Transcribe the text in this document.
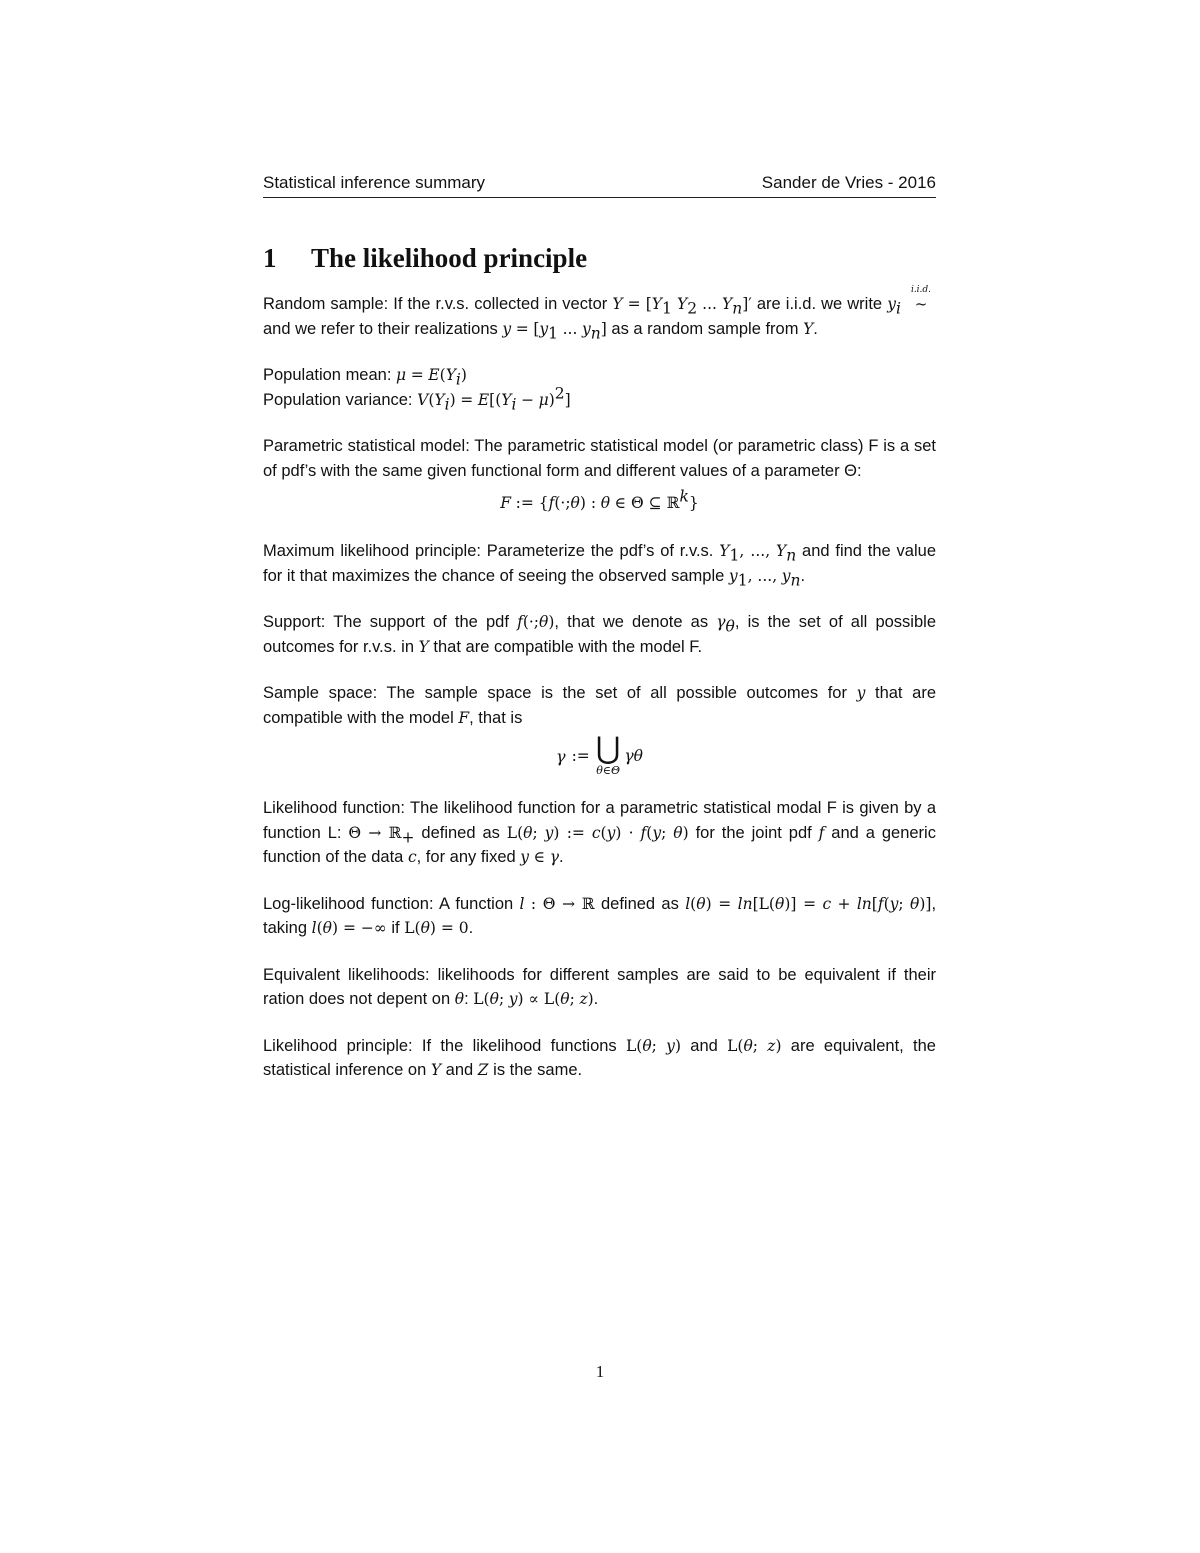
Statistical inference summary	Sander de Vries - 2016
1 The likelihood principle

Random sample: If the r.v.s. collected in vector $Y = [Y_1$ $Y_2$ ... $Y_n]'$ are i.i.d. we write $y_i$
i.i.d.
~ and we refer to their realizations $y = [y_1$ ... $y_n$] as a random sample from Y.

Population mean: $\mu = E(Y_i)$
Population variance: $V(Y_i) = E[(Y_i - \mu)^2]$

Parametric statistical model: The parametric statistical model (or parametric class) F is a set of pdf’s with the same given functional form and different values of a parameter Θ:

F := {f(·;θ) : θ ∈ Θ ⊆ ℝ$^k$}

Maximum likelihood principle: Parameterize the pdf’s of r.v.s. $Y_1$, ..., $Y_n$ and find the value for it that maximizes the chance of seeing the observed sample $y_1$, ..., $y_n$.

Support: The support of the pdf f(·;θ), that we denote as $\gamma_\theta$, is the set of all possible outcomes for r.v.s. in Y that are compatible with the model F.

Sample space: The sample space is the set of all possible outcomes for y that are compatible with the model F, that is

γ := ⋃
θ∈Θ
γ θ

Likelihood function: The likelihood function for a parametric statistical modal F is given by a function L: Θ → ℝ$_+$ defined as L(θ; y) := c(y) · f(y; θ) for the joint pdf f and a generic function of the data c, for any fixed y ∈ γ.

Log-likelihood function: A function l : Θ → ℝ defined as l(θ) = ln[L(θ)] = c + ln[f(y; θ)], taking l(θ) = −∞ if L(θ) = 0.

Equivalent likelihoods: likelihoods for different samples are said to be equivalent if their ration does not depent on θ: L(θ; y) ∝ L(θ; z).

Likelihood principle: If the likelihood functions L(θ; y) and L(θ; z) are equivalent, the statistical inference on Y and Z is the same.

1
